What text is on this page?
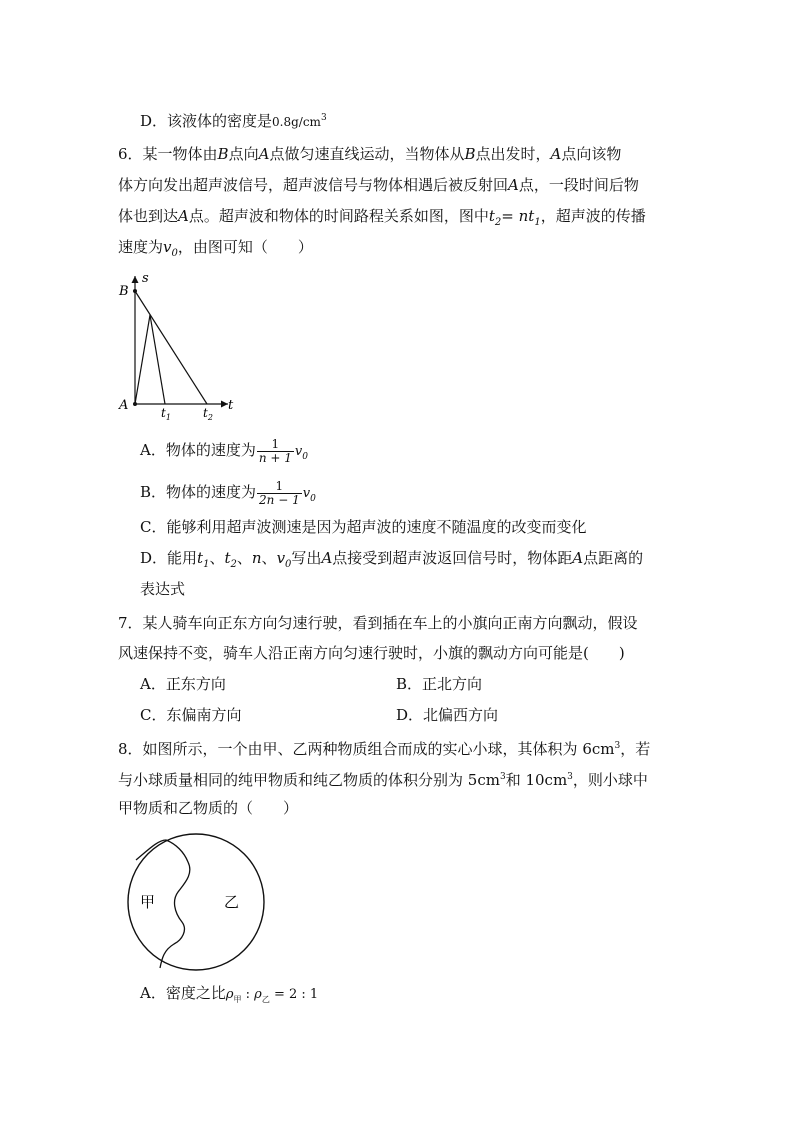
D．该液体的密度是$0.8g/cm^3$
6．某一物体由B点向A点做匀速直线运动，当物体从B点出发时，A点向该物
体方向发出超声波信号，超声波信号与物体相遇后被反射回A点，一段时间后物
体也到达A点。超声波和物体的时间路程关系如图，图中$t_2= nt_1$，超声波的传播
速度为$v_0$，由图可知（　　）
s
t
B
A	$t_1$	$t_2$
A．物体的速度为 $\frac{1}{n + 1} v_0$
B．物体的速度为 $\frac{1}{2n - 1} v_0$
C．能够利用超声波测速是因为超声波的速度不随温度的改变而变化
D．能用$t_1$、$t_2$、n、$v_0$写出A点接受到超声波返回信号时，物体距A点距离的
表达式
7．某人骑车向正东方向匀速行驶，看到插在车上的小旗向正南方向飘动，假设
风速保持不变，骑车人沿正南方向匀速行驶时，小旗的飘动方向可能是(　　)
A．正东方向	B．正北方向
C．东偏南方向	D．北偏西方向
8．如图所示，一个由甲、乙两种物质组合而成的实心小球，其体积为 $6cm^3$，若
与小球质量相同的纯甲物质和纯乙物质的体积分别为 $5cm^3$和 $10cm^3$，则小球中
甲物质和乙物质的（　　）
甲	乙
A．密度之比$\rho_甲$ : $\rho_乙 = 2$ : 1
